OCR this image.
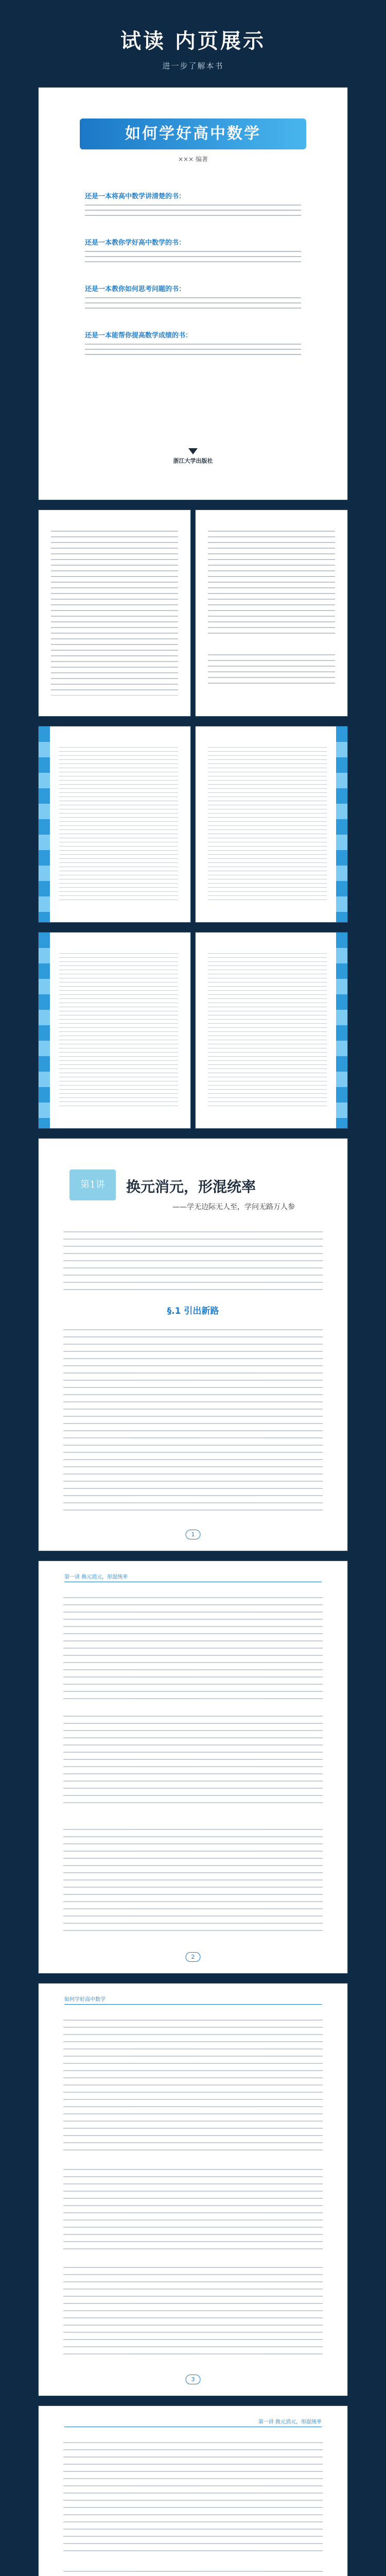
试读 内页展示
进一步了解本书
如何学好高中数学
××× 编著
还是一本将高中数学讲清楚的书：
还是一本教你学好高中数学的书：
还是一本教你如何思考问题的书：
还是一本能帮你提高数学成绩的书：
浙江大学出版社
第1讲	换元消元，形混统率
——学无边际无人至，学问无路万人参
§.1 引出新路
1
第一讲 换元消元，形混统率
2
如何学好高中数学
3
第一讲 换元消元，形混统率
